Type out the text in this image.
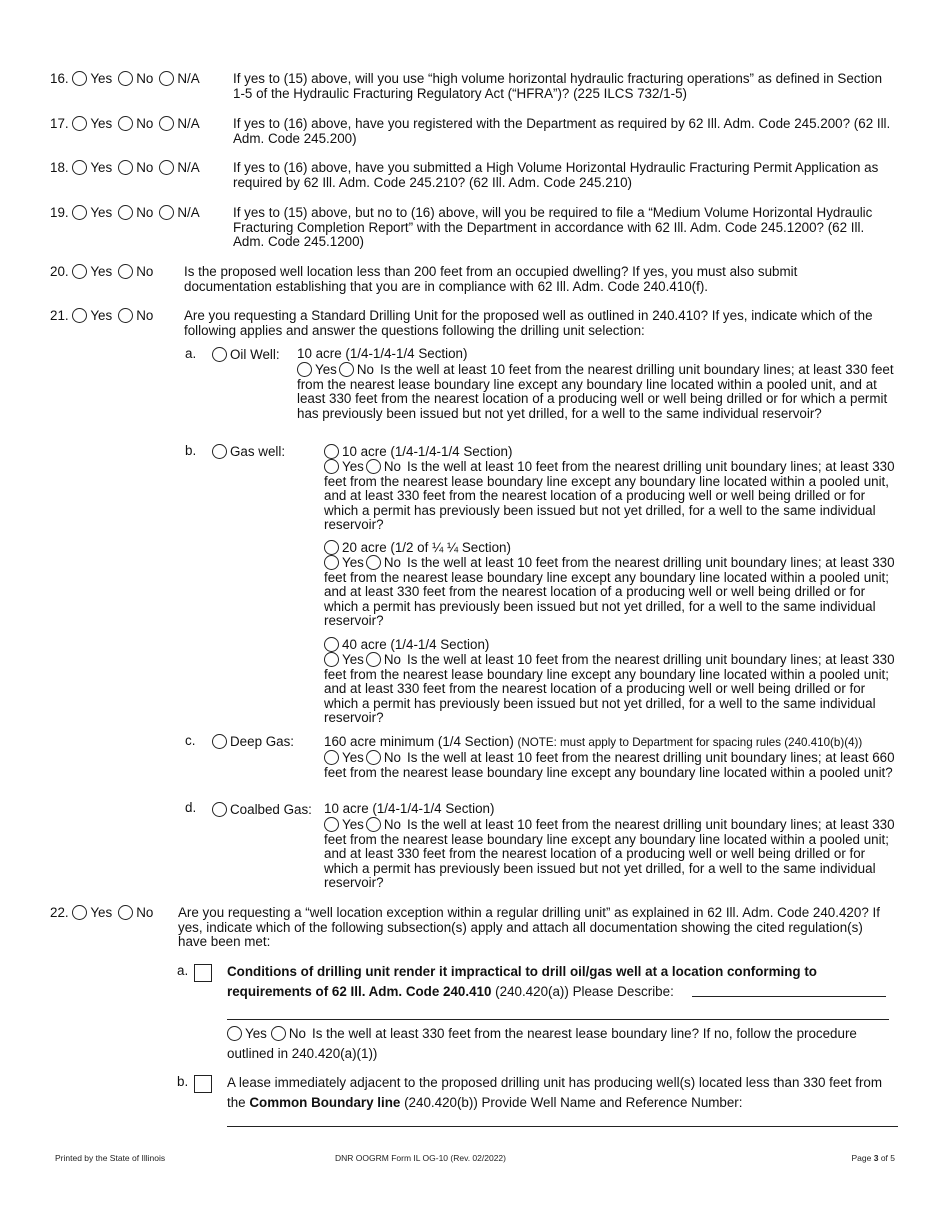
16. Yes No N/A	If yes to (15) above, will you use “high volume horizontal hydraulic fracturing operations” as defined in Section 1-5 of the Hydraulic Fracturing Regulatory Act (“HFRA”)? (225 ILCS 732/1-5)
17. Yes No N/A	If yes to (16) above, have you registered with the Department as required by 62 Ill. Adm. Code 245.200? (62 Ill. Adm. Code 245.200)
18. Yes No N/A	If yes to (16) above, have you submitted a High Volume Horizontal Hydraulic Fracturing Permit Application as required by 62 Ill. Adm. Code 245.210? (62 Ill. Adm. Code 245.210)
19. Yes No N/A	If yes to (15) above, but no to (16) above, will you be required to file a “Medium Volume Horizontal Hydraulic Fracturing Completion Report” with the Department in accordance with 62 Ill. Adm. Code 245.1200? (62 Ill. Adm. Code 245.1200)
20. Yes No	Is the proposed well location less than 200 feet from an occupied dwelling? If yes, you must also submit documentation establishing that you are in compliance with 62 Ill. Adm. Code 240.410(f).
21. Yes No	Are you requesting a Standard Drilling Unit for the proposed well as outlined in 240.410? If yes, indicate which of the following applies and answer the questions following the drilling unit selection:
a.	Oil Well: 10 acre (1/4-1/4-1/4 Section)
Yes No Is the well at least 10 feet from the nearest drilling unit boundary lines; at least 330 feet from the nearest lease boundary line except any boundary line located within a pooled unit, and at least 330 feet from the nearest location of a producing well or well being drilled or for which a permit has previously been issued but not yet drilled, for a well to the same individual reservoir?
b.	Gas well:	10 acre (1/4-1/4-1/4 Section)
Yes No Is the well at least 10 feet from the nearest drilling unit boundary lines; at least 330 feet from the nearest lease boundary line except any boundary line located within a pooled unit, and at least 330 feet from the nearest location of a producing well or well being drilled or for which a permit has previously been issued but not yet drilled, for a well to the same individual reservoir?
20 acre (1/2 of ¼ ¼ Section)
Yes No Is the well at least 10 feet from the nearest drilling unit boundary lines; at least 330 feet from the nearest lease boundary line except any boundary line located within a pooled unit; and at least 330 feet from the nearest location of a producing well or well being drilled or for which a permit has previously been issued but not yet drilled, for a well to the same individual reservoir?
40 acre (1/4-1/4 Section)
Yes No Is the well at least 10 feet from the nearest drilling unit boundary lines; at least 330 feet from the nearest lease boundary line except any boundary line located within a pooled unit; and at least 330 feet from the nearest location of a producing well or well being drilled or for which a permit has previously been issued but not yet drilled, for a well to the same individual reservoir?
c.	Deep Gas: 160 acre minimum (1/4 Section) (NOTE: must apply to Department for spacing rules (240.410(b)(4))
Yes No Is the well at least 10 feet from the nearest drilling unit boundary lines; at least 660 feet from the nearest lease boundary line except any boundary line located within a pooled unit?
d.	Coalbed Gas: 10 acre (1/4-1/4-1/4 Section)
Yes No Is the well at least 10 feet from the nearest drilling unit boundary lines; at least 330 feet from the nearest lease boundary line except any boundary line located within a pooled unit; and at least 330 feet from the nearest location of a producing well or well being drilled or for which a permit has previously been issued but not yet drilled, for a well to the same individual reservoir?
22. Yes No	Are you requesting a “well location exception within a regular drilling unit” as explained in 62 Ill. Adm. Code 240.420? If yes, indicate which of the following subsection(s) apply and attach all documentation showing the cited regulation(s) have been met:
a.	Conditions of drilling unit render it impractical to drill oil/gas well at a location conforming to requirements of 62 Ill. Adm. Code 240.410 (240.420(a)) Please Describe:
Yes No Is the well at least 330 feet from the nearest lease boundary line? If no, follow the procedure outlined in 240.420(a)(1))
b.	A lease immediately adjacent to the proposed drilling unit has producing well(s) located less than 330 feet from the Common Boundary line (240.420(b)) Provide Well Name and Reference Number:
Printed by the State of Illinois	DNR OOGRM Form IL OG-10 (Rev. 02/2022)	Page 3 of 5
